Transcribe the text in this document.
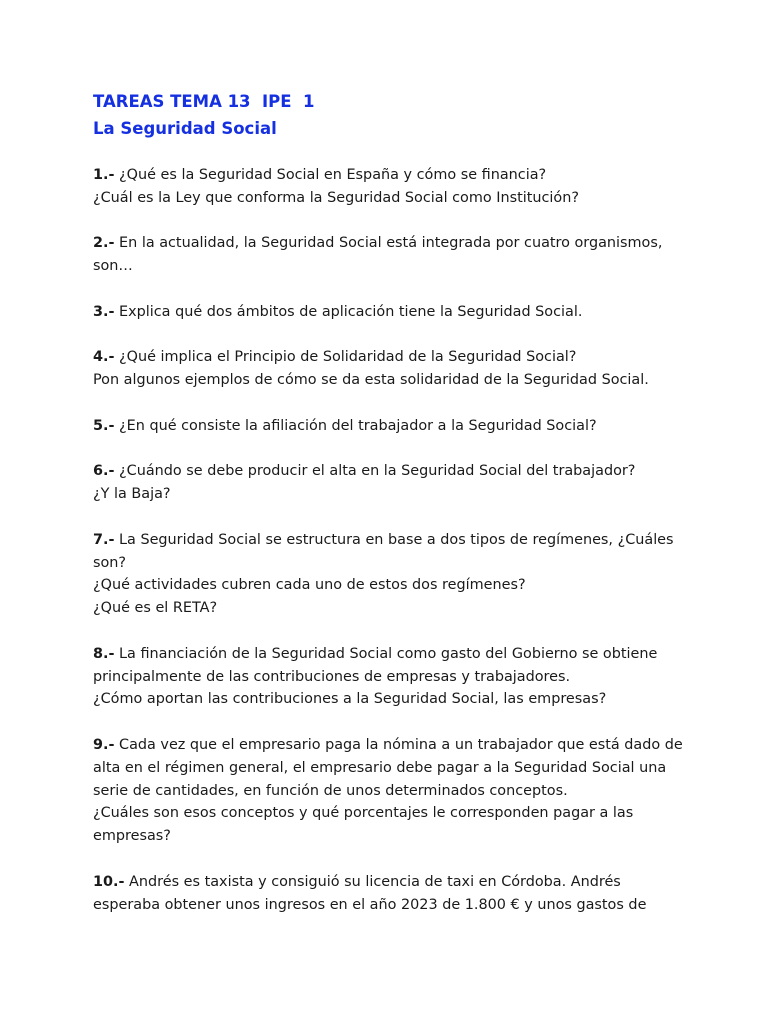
TAREAS TEMA 13  IPE  1

La Seguridad Social

1.- ¿Qué es la Seguridad Social en España y cómo se financia?
¿Cuál es la Ley que conforma la Seguridad Social como Institución?
2.- En la actualidad, la Seguridad Social está integrada por cuatro organismos, son…
3.- Explica qué dos ámbitos de aplicación tiene la Seguridad Social.
4.- ¿Qué implica el Principio de Solidaridad de la Seguridad Social?
Pon algunos ejemplos de cómo se da esta solidaridad de la Seguridad Social.
5.- ¿En qué consiste la afiliación del trabajador a la Seguridad Social?
6.- ¿Cuándo se debe producir el alta en la Seguridad Social del trabajador?
¿Y la Baja?
7.- La Seguridad Social se estructura en base a dos tipos de regímenes, ¿Cuáles son?
¿Qué actividades cubren cada uno de estos dos regímenes?
¿Qué es el RETA?
8.- La financiación de la Seguridad Social como gasto del Gobierno se obtiene principalmente de las contribuciones de empresas y trabajadores.
¿Cómo aportan las contribuciones a la Seguridad Social, las empresas?
9.- Cada vez que el empresario paga la nómina a un trabajador que está dado de alta en el régimen general, el empresario debe pagar a la Seguridad Social una serie de cantidades, en función de unos determinados conceptos.
¿Cuáles son esos conceptos y qué porcentajes le corresponden pagar a las empresas?
10.- Andrés es taxista y consiguió su licencia de taxi en Córdoba. Andrés esperaba obtener unos ingresos en el año 2023 de 1.800 € y unos gastos de
